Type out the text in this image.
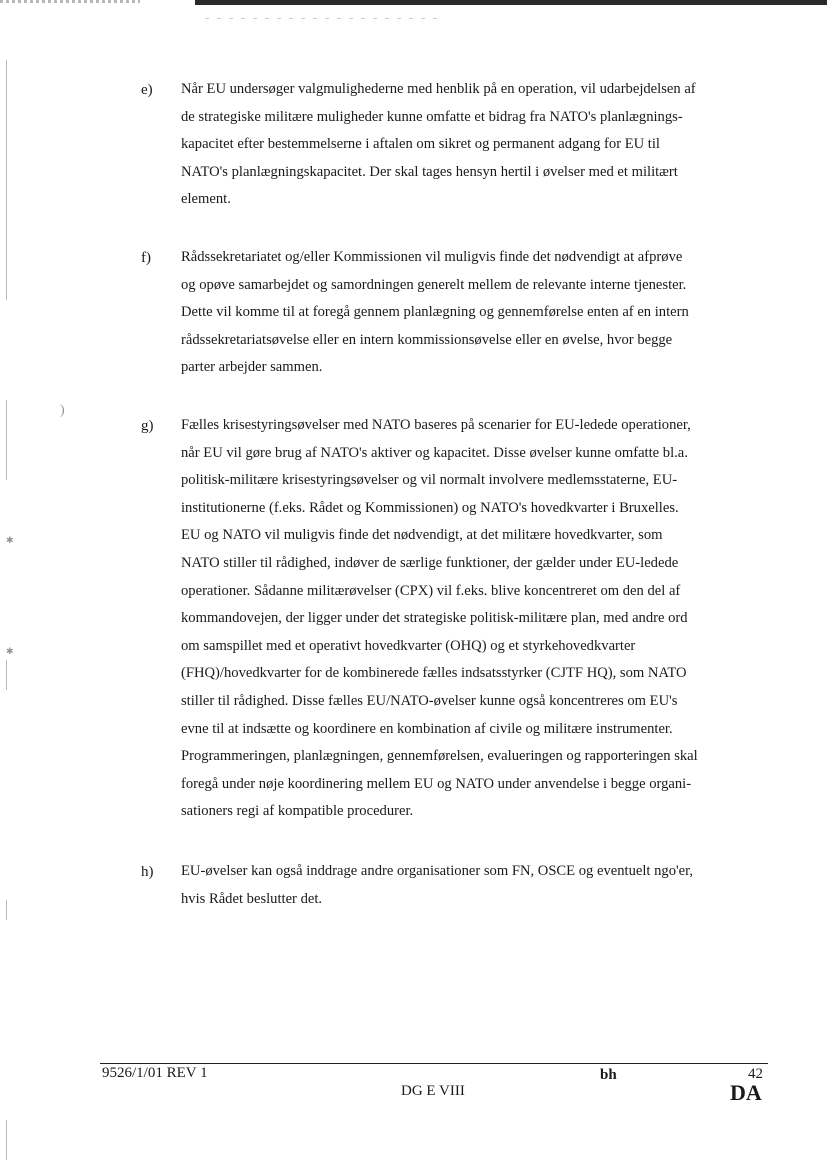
✱
✱
)
e) Når EU undersøger valgmulighederne med henblik på en operation, vil udarbejdelsen af
de strategiske militære muligheder kunne omfatte et bidrag fra NATO's planlægnings-
kapacitet efter bestemmelserne i aftalen om sikret og permanent adgang for EU til
NATO's planlægningskapacitet. Der skal tages hensyn hertil i øvelser med et militært
element.
f) Rådssekretariatet og/eller Kommissionen vil muligvis finde det nødvendigt at afprøve
og opøve samarbejdet og samordningen generelt mellem de relevante interne tjenester.
Dette vil komme til at foregå gennem planlægning og gennemførelse enten af en intern
rådssekretariatsøvelse eller en intern kommissionsøvelse eller en øvelse, hvor begge
parter arbejder sammen.
g) Fælles krisestyringsøvelser med NATO baseres på scenarier for EU-ledede operationer,
når EU vil gøre brug af NATO's aktiver og kapacitet. Disse øvelser kunne omfatte bl.a.
politisk-militære krisestyringsøvelser og vil normalt involvere medlemsstaterne, EU-
institutionerne (f.eks. Rådet og Kommissionen) og NATO's hovedkvarter i Bruxelles.
EU og NATO vil muligvis finde det nødvendigt, at det militære hovedkvarter, som
NATO stiller til rådighed, indøver de særlige funktioner, der gælder under EU-ledede
operationer. Sådanne militærøvelser (CPX) vil f.eks. blive koncentreret om den del af
kommandovejen, der ligger under det strategiske politisk-militære plan, med andre ord
om samspillet med et operativt hovedkvarter (OHQ) og et styrkehovedkvarter
(FHQ)/hovedkvarter for de kombinerede fælles indsatsstyrker (CJTF HQ), som NATO
stiller til rådighed. Disse fælles EU/NATO-øvelser kunne også koncentreres om EU's
evne til at indsætte og koordinere en kombination af civile og militære instrumenter.
Programmeringen, planlægningen, gennemførelsen, evalueringen og rapporteringen skal
foregå under nøje koordinering mellem EU og NATO under anvendelse i begge organi-
sationers regi af kompatible procedurer.
h) EU-øvelser kan også inddrage andre organisationer som FN, OSCE og eventuelt ngo'er,
hvis Rådet beslutter det.
9526/1/01 REV 1	bh	42
DG E VIII	DA
